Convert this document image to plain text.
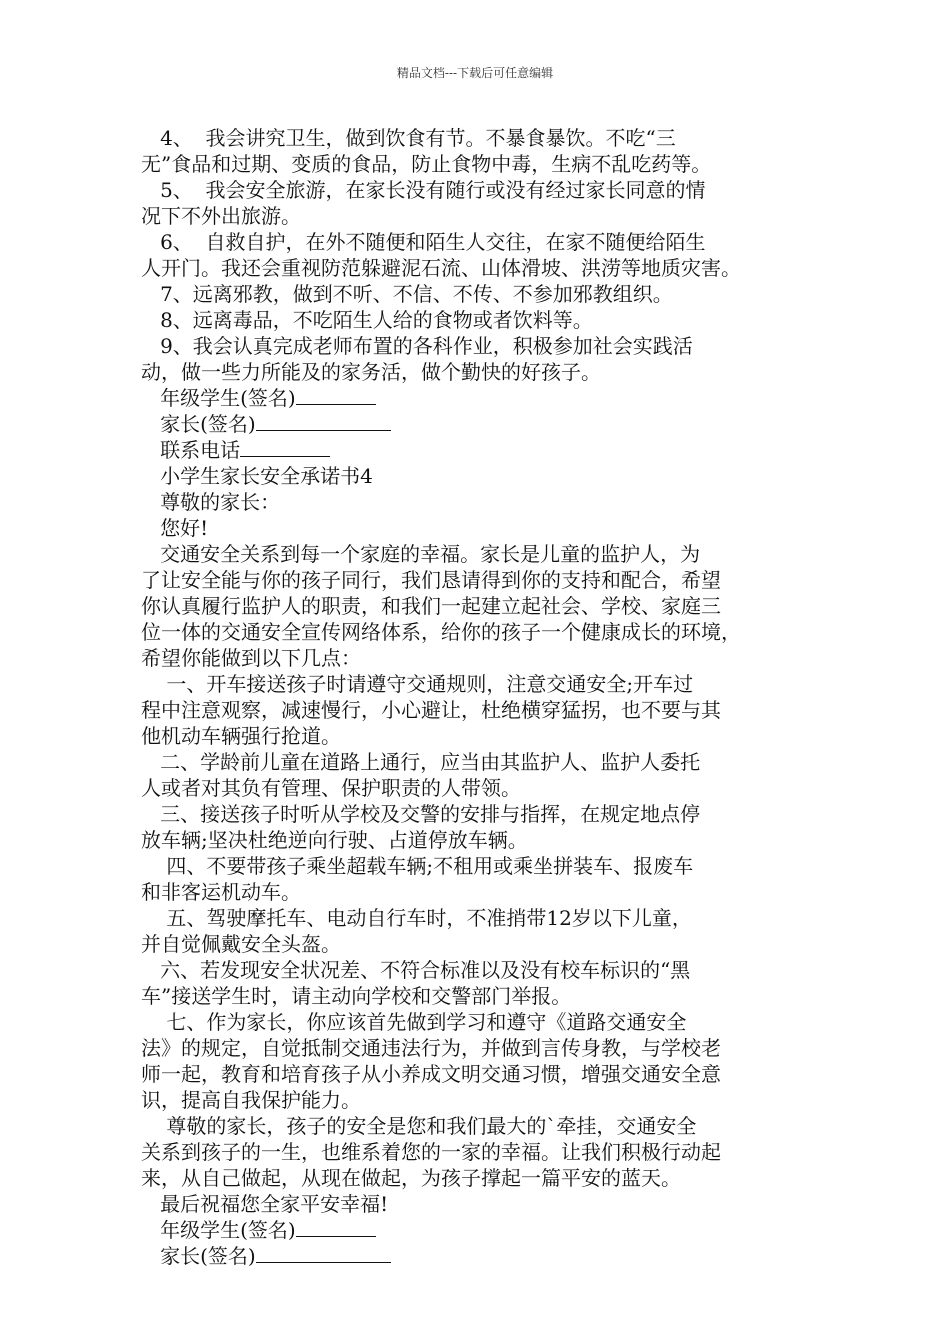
精品文档---下载后可任意编辑
4、  我会讲究卫生，做到饮食有节。不暴食暴饮。不吃“三
无”食品和过期、变质的食品，防止食物中毒，生病不乱吃药等。
5、  我会安全旅游，在家长没有随行或没有经过家长同意的情
况下不外出旅游。
6、  自救自护，在外不随便和陌生人交往，在家不随便给陌生
人开门。我还会重视防范躲避泥石流、山体滑坡、洪涝等地质灾害。
7、远离邪教，做到不听、不信、不传、不参加邪教组织。
8、远离毒品，不吃陌生人给的食物或者饮料等。
9、我会认真完成老师布置的各科作业，积极参加社会实践活
动，做一些力所能及的家务活，做个勤快的好孩子。
年级学生(签名)
家长(签名)
联系电话
小学生家长安全承诺书4
尊敬的家长：
您好!
交通安全关系到每一个家庭的幸福。家长是儿童的监护人，为
了让安全能与你的孩子同行，我们恳请得到你的支持和配合，希望
你认真履行监护人的职责，和我们一起建立起社会、学校、家庭三
位一体的交通安全宣传网络体系，给你的孩子一个健康成长的环境，
希望你能做到以下几点：
一、开车接送孩子时请遵守交通规则，注意交通安全;开车过
程中注意观察，减速慢行，小心避让，杜绝横穿猛拐，也不要与其
他机动车辆强行抢道。
二、学龄前儿童在道路上通行，应当由其监护人、监护人委托
人或者对其负有管理、保护职责的人带领。
三、接送孩子时听从学校及交警的安排与指挥，在规定地点停
放车辆;坚决杜绝逆向行驶、占道停放车辆。
四、不要带孩子乘坐超载车辆;不租用或乘坐拼装车、报废车
和非客运机动车。
五、驾驶摩托车、电动自行车时，不准捎带12岁以下儿童，
并自觉佩戴安全头盔。
六、若发现安全状况差、不符合标准以及没有校车标识的“黑
车”接送学生时，请主动向学校和交警部门举报。
七、作为家长，你应该首先做到学习和遵守《道路交通安全
法》的规定，自觉抵制交通违法行为，并做到言传身教，与学校老
师一起，教育和培育孩子从小养成文明交通习惯，增强交通安全意
识，提高自我保护能力。
尊敬的家长，孩子的安全是您和我们最大的`牵挂，交通安全
关系到孩子的一生，也维系着您的一家的幸福。让我们积极行动起
来，从自己做起，从现在做起，为孩子撑起一篇平安的蓝天。
最后祝福您全家平安幸福!
年级学生(签名)
家长(签名)
